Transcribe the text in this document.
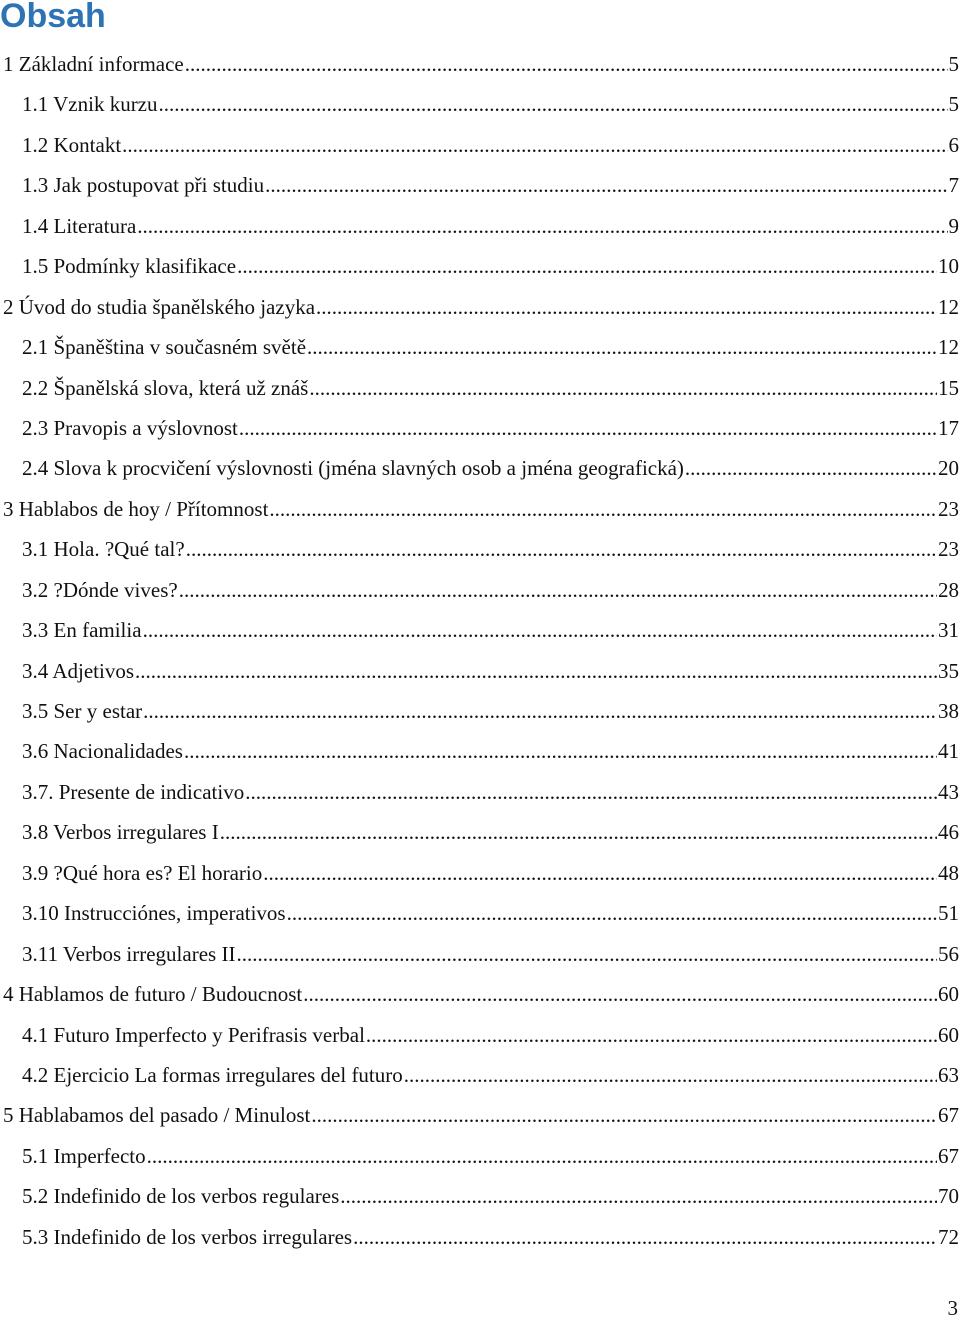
Obsah
1 Základní informace .....	5
1.1 Vznik kurzu .....	5
1.2 Kontakt .....	6
1.3 Jak postupovat při studiu .....	7
1.4 Literatura .....	9
1.5 Podmínky klasifikace .....	10
2 Úvod do studia španělského jazyka .....	12
2.1 Španěština v současném světě .....	12
2.2 Španělská slova, která už znáš .....	15
2.3 Pravopis a výslovnost .....	17
2.4 Slova k procvičení výslovnosti (jména slavných osob a jména geografická) .....	20
3 Hablabos de hoy / Přítomnost .....	23
3.1 Hola. ?Qué tal? .....	23
3.2 ?Dónde vives? .....	28
3.3 En familia .....	31
3.4 Adjetivos .....	35
3.5 Ser y estar .....	38
3.6 Nacionalidades .....	41
3.7. Presente de indicativo .....	43
3.8 Verbos irregulares I .....	46
3.9 ?Qué hora es? El horario .....	48
3.10 Instrucciónes, imperativos .....	51
3.11 Verbos irregulares II .....	56
4 Hablamos de futuro / Budoucnost .....	60
4.1 Futuro Imperfecto y Perifrasis verbal .....	60
4.2 Ejercicio La formas irregulares del futuro .....	63
5 Hablabamos del pasado / Minulost .....	67
5.1 Imperfecto .....	67
5.2 Indefinido de los verbos regulares .....	70
5.3 Indefinido de los verbos irregulares .....	72
3
